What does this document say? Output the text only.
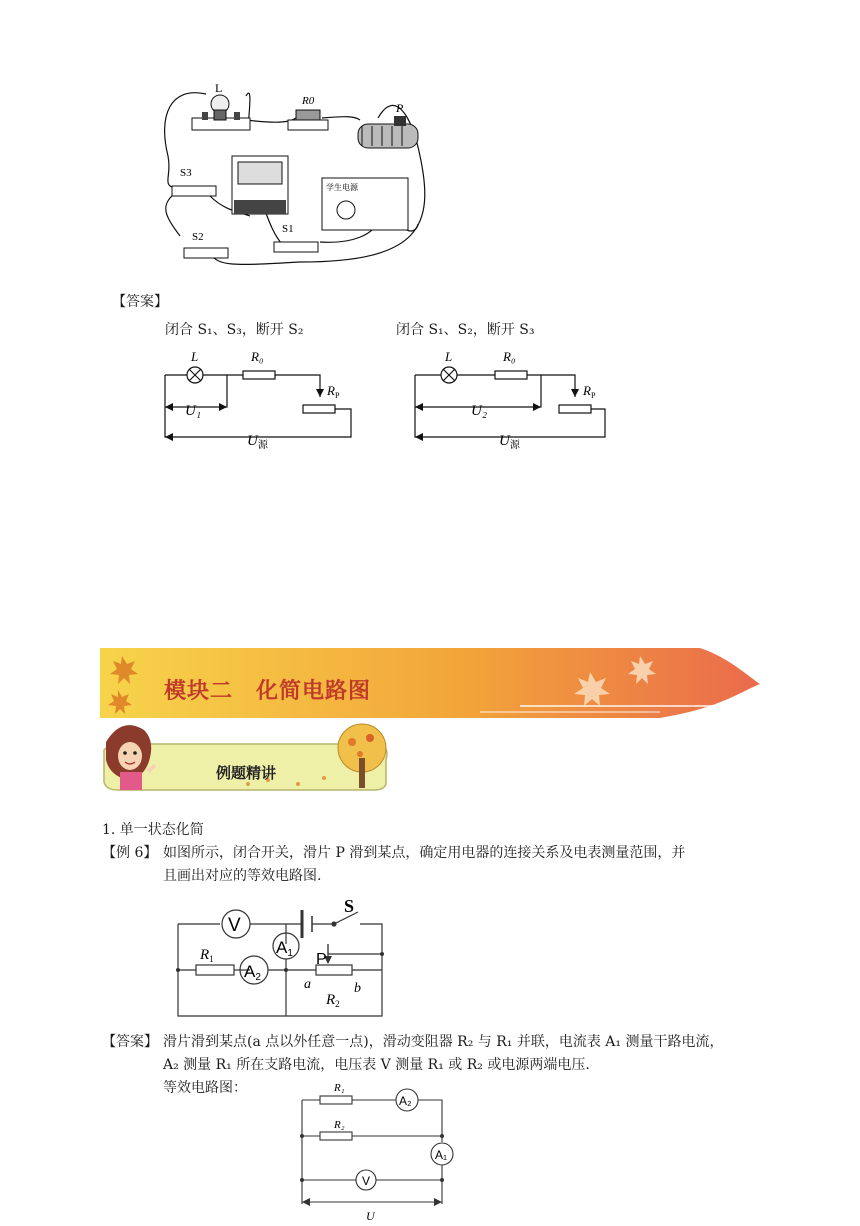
L
R0	P
学生电源
S3
S2
S1
【答案】
闭合 S₁、S₃，断开 S₂	闭合 S₁、S₂，断开 S₃
L	R₀
$R_P$
U₁
$U_源$
L	R₀
$R_P$
U₂
$U_源$
模块二　化简电路图
例题精讲
1. 单一状态化简
【例 6】 如图所示，闭合开关，滑片 P 滑到某点，确定用电器的连接关系及电表测量范围，并
且画出对应的等效电路图.
V
S
A1
$R_1$
A2
P
a
$R_2$
b
【答案】 滑片滑到某点(a 点以外任意一点)，滑动变阻器 R₂ 与 R₁ 并联，电流表 A₁ 测量干路电流，
A₂ 测量 R₁ 所在支路电流，电压表 V 测量 R₁ 或 R₂ 或电源两端电压.
等效电路图：	R₁
A₂
R₂
A₁
V
U
